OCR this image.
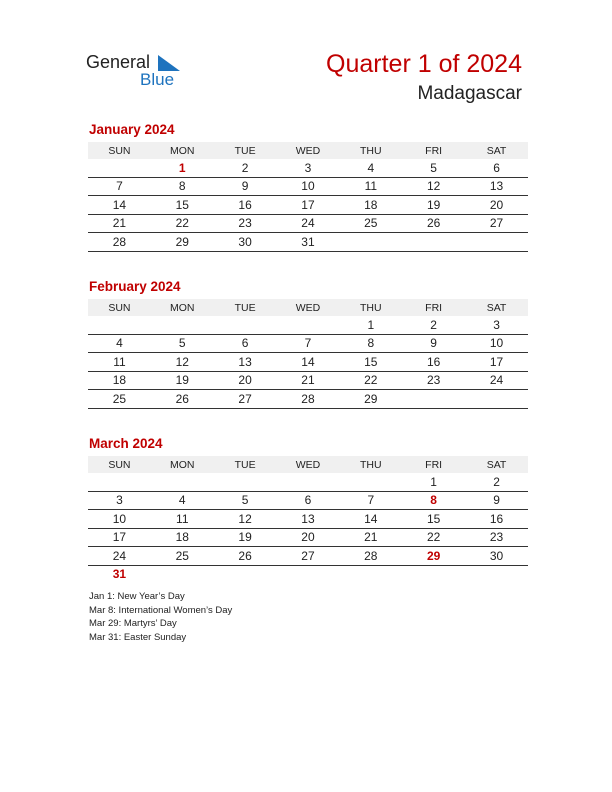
General
Blue
Quarter 1 of 2024
Madagascar
January 2024
SUN	MON	TUE	WED	THU	FRI	SAT
	1	2	3	4	5	6
7	8	9	10	11	12	13
14	15	16	17	18	19	20
21	22	23	24	25	26	27
28	29	30	31			
February 2024
SUN	MON	TUE	WED	THU	FRI	SAT
				1	2	3
4	5	6	7	8	9	10
11	12	13	14	15	16	17
18	19	20	21	22	23	24
25	26	27	28	29		
March 2024
SUN	MON	TUE	WED	THU	FRI	SAT
					1	2
3	4	5	6	7	8	9
10	11	12	13	14	15	16
17	18	19	20	21	22	23
24	25	26	27	28	29	30
31						
Jan 1: New Year’s Day
Mar 8: International Women’s Day
Mar 29: Martyrs’ Day
Mar 31: Easter Sunday
